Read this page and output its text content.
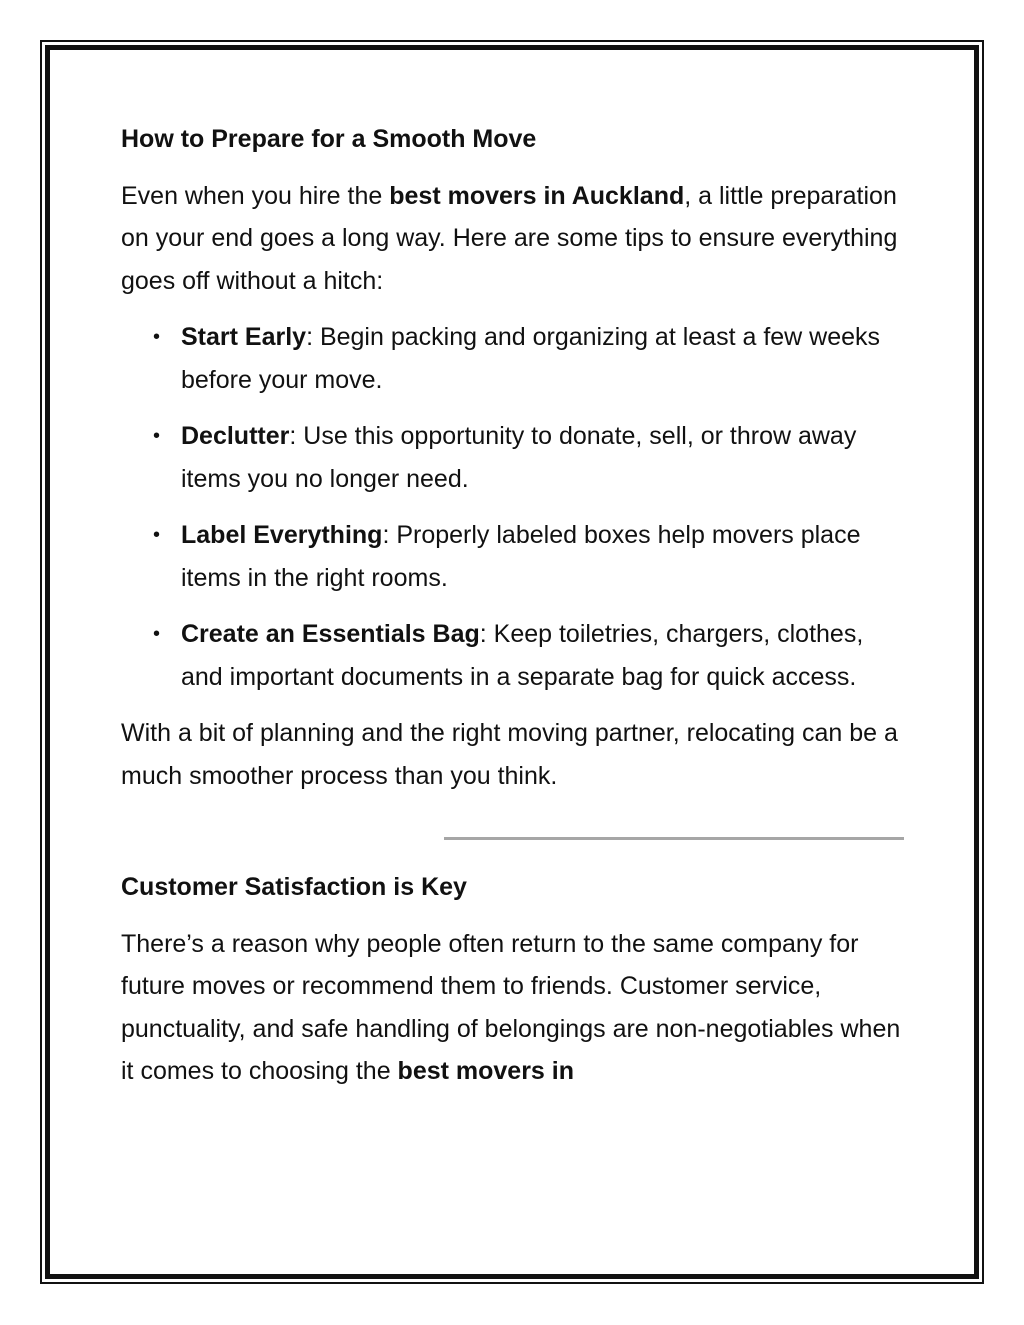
How to Prepare for a Smooth Move

Even when you hire the best movers in Auckland, a little preparation on your end goes a long way. Here are some tips to ensure everything goes off without a hitch:

• Start Early: Begin packing and organizing at least a few weeks before your move.
• Declutter: Use this opportunity to donate, sell, or throw away items you no longer need.
• Label Everything: Properly labeled boxes help movers place items in the right rooms.
• Create an Essentials Bag: Keep toiletries, chargers, clothes, and important documents in a separate bag for quick access.

With a bit of planning and the right moving partner, relocating can be a much smoother process than you think.

Customer Satisfaction is Key

There’s a reason why people often return to the same company for future moves or recommend them to friends. Customer service, punctuality, and safe handling of belongings are non-negotiables when it comes to choosing the best movers in
